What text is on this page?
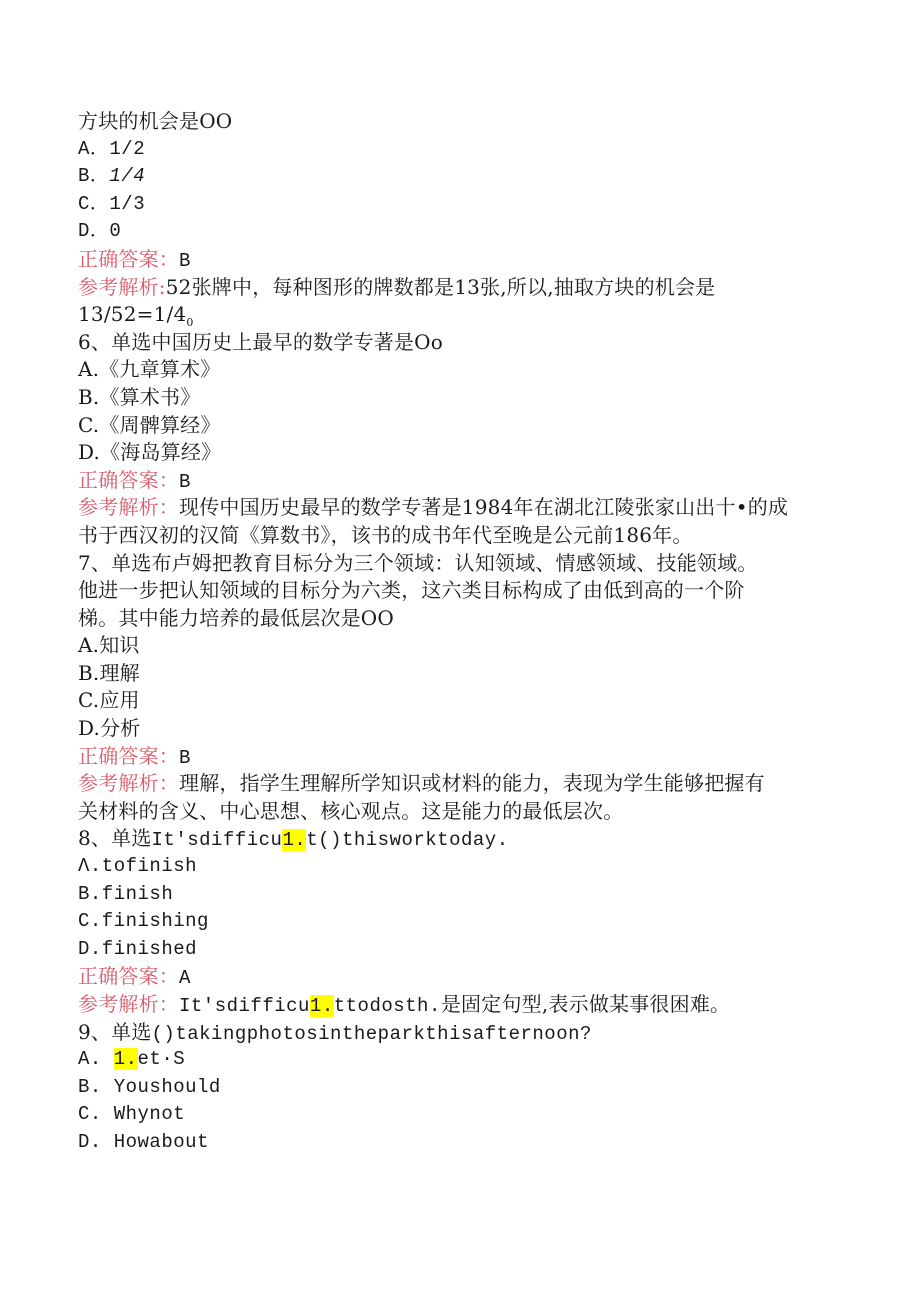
方块的机会是OO
A．1/2
B．1/4
C．1/3
D．0
正确答案：B
参考解析:52张牌中，每种图形的牌数都是13张,所以,抽取方块的机会是
$13/52=1/4_0$
6、单选中国历史上最早的数学专著是Oo
A.《九章算术》
B.《算术书》
C.《周髀算经》
D.《海岛算经》
正确答案：B
参考解析：现传中国历史最早的数学专著是1984年在湖北江陵张家山出十•的成
书于西汉初的汉简《算数书》，该书的成书年代至晚是公元前186年。
7、单选布卢姆把教育目标分为三个领域：认知领域、情感领域、技能领域。
他进一步把认知领域的目标分为六类，这六类目标构成了由低到高的一个阶
梯。其中能力培养的最低层次是OO
A.知识
B.理解
C.应用
D.分析
正确答案：B
参考解析：理解，指学生理解所学知识或材料的能力，表现为学生能够把握有
关材料的含义、中心思想、核心观点。这是能力的最低层次。
8、单选It'sdifficu1.t()thisworktoday.
Λ.tofinish
B.finish
C.finishing
D.finished
正确答案：A
参考解析：It'sdifficu1.ttodosth.是固定句型,表示做某事很困难。
9、单选()takingphotosintheparkthisafternoon?
A. 1.et·S
B. Youshould
C. Whynot
D. Howabout
